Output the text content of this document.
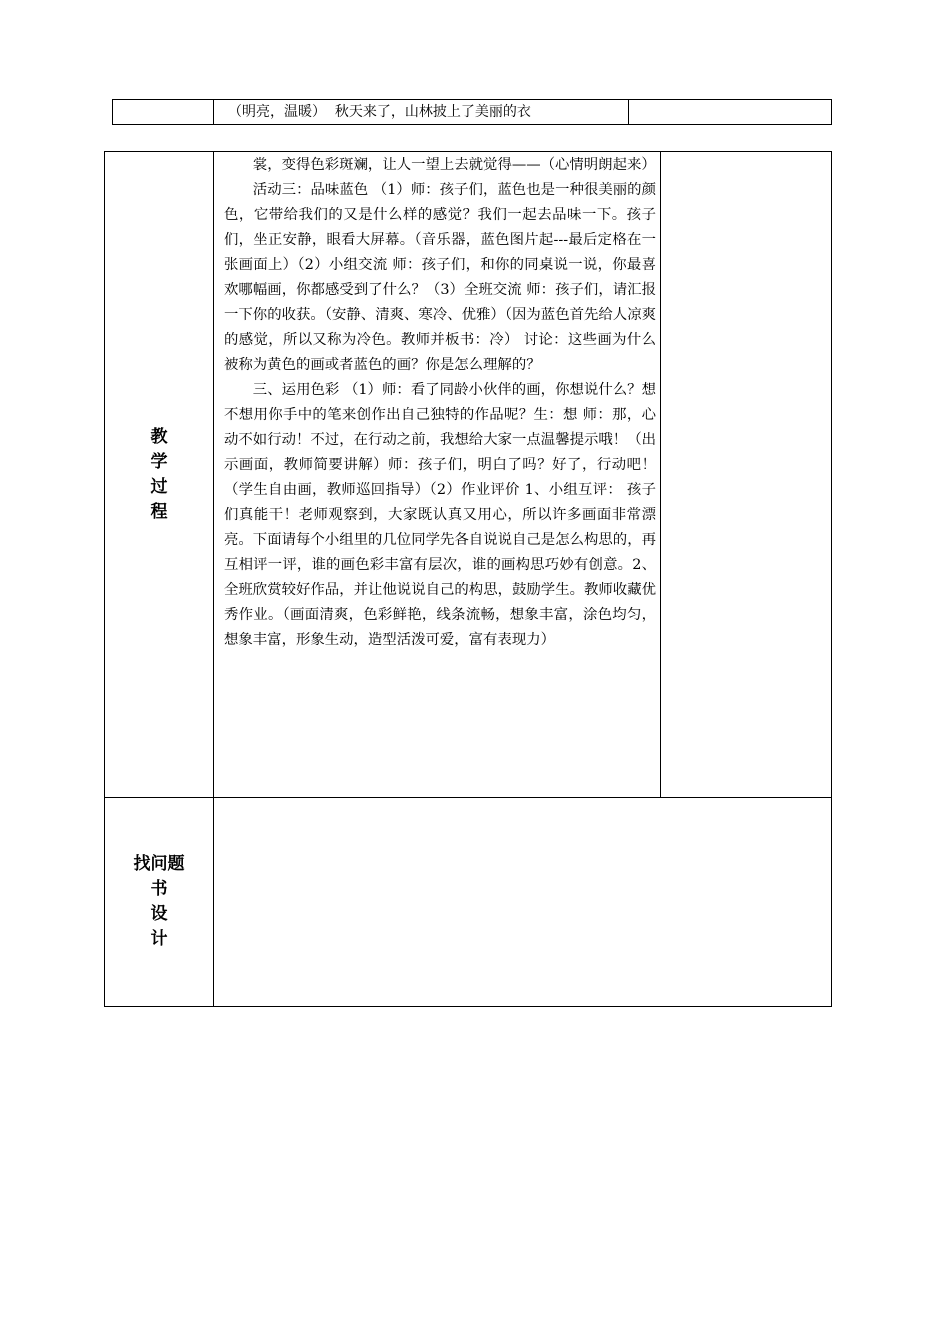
（明亮，温暖）  秋天来了，山林披上了美丽的衣
教
学
过
程

裳，变得色彩斑斓，让人一望上去就觉得——（心情明朗起来）

活动三：品味蓝色 （1）师：孩子们，蓝色也是一种很美丽的颜色，它带给我们的又是什么样的感觉？我们一起去品味一下。孩子们，坐正安静，眼看大屏幕。（音乐器，蓝色图片起---最后定格在一张画面上）（2）小组交流 师：孩子们，和你的同桌说一说，你最喜欢哪幅画，你都感受到了什么？（3）全班交流 师：孩子们，请汇报一下你的收获。（安静、清爽、寒冷、优雅）（因为蓝色首先给人凉爽的感觉，所以又称为冷色。教师并板书：冷） 讨论：这些画为什么被称为黄色的画或者蓝色的画？你是怎么理解的？

三、运用色彩 （1）师：看了同龄小伙伴的画，你想说什么？想不想用你手中的笔来创作出自己独特的作品呢？生：想 师：那，心动不如行动！不过，在行动之前，我想给大家一点温馨提示哦！（出示画面，教师简要讲解）师：孩子们，明白了吗？好了，行动吧！（学生自由画，教师巡回指导）（2）作业评价 1、小组互评： 孩子们真能干！老师观察到，大家既认真又用心，所以许多画面非常漂亮。下面请每个小组里的几位同学先各自说说自己是怎么构思的，再互相评一评，谁的画色彩丰富有层次，谁的画构思巧妙有创意。2、全班欣赏较好作品，并让他说说自己的构思，鼓励学生。教师收藏优秀作业。（画面清爽，色彩鲜艳，线条流畅，想象丰富，涂色均匀，想象丰富，形象生动，造型活泼可爱，富有表现力）

找问题
书
设
计
